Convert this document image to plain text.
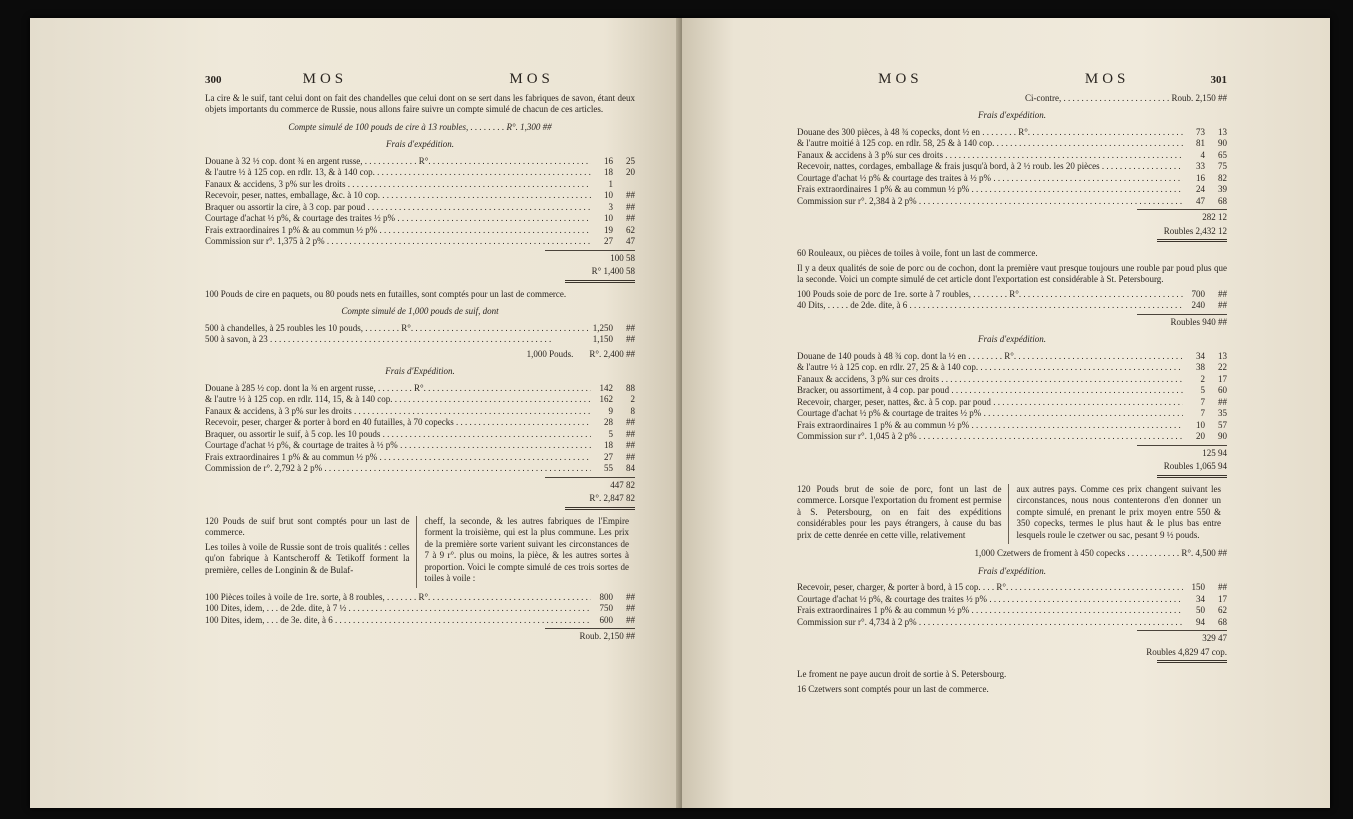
300	MOS	MOS

La cire & le suif, tant celui dont on fait des chandelles que celui dont on se sert dans les fabriques de savon, étant deux objets importants du commerce de Russie, nous allons faire suivre un compte simulé de chacun de ces articles.

Compte simulé de 100 pouds de cire à 13 roubles, . . . . . . . . R°. 1,300 ##
Frais d'expédition.
Douane à 32 ½ cop. dont ¾ en argent russe, . . . . . . . . . . . . R°. . . .	16	25
& l'autre ½ à 125 cop. en rdlr. 13, & à 140 cop. . . .	18	20
Fanaux & accidens, 3 p% sur les droits . . .	1
Recevoir, peser, nattes, emballage, &c. à 10 cop. . . .	10	##
Braquer ou assortir la cire, à 3 cop. par poud . . .	3	##
Courtage d'achat ½ p%, & courtage des traites ½ p% . . .	10	##
Frais extraordinaires 1 p% & au commun ½ p% . . .	19	62
Commission sur r°. 1,375 à 2 p% . . .	27	47
100 58
R° 1,400 58

100 Pouds de cire en paquets, ou 80 pouds nets en futailles, sont comptés pour un last de commerce.

Compte simulé de 1,000 pouds de suif, dont
500 à chandelles, à 25 roubles les 10 pouds, . . . . . . . . R°. . . .	1,250	##
500 à savon, à 23 . . .	1,150	##
1,000 Pouds. R°. 2,400 ##
Frais d'Expédition.
Douane à 285 ½ cop. dont la ¾ en argent russe, . . . . . . . . R°. . . .	142	88
& l'autre ½ à 125 cop. en rdlr. 114, 15, & à 140 cop. . . .	162	2
Fanaux & accidens, à 3 p% sur les droits . . .	9	8
Recevoir, peser, charger & porter à bord en 40 futailles, à 70 copecks . . .	28	##
Braquer, ou assortir le suif, à 5 cop. les 10 pouds . . .	5	##
Courtage d'achat ½ p%, & courtage de traites à ½ p% . . .	18	##
Frais extraordinaires 1 p% & au commun ½ p% . . .	27	##
Commission de r°. 2,792 à 2 p% . . .	55	84
447 82
R°. 2,847 82

120 Pouds de suif brut sont comptés pour un last de commerce.

Les toiles à voile de Russie sont de trois qualités : celles qu'on fabrique à Kantscheroff & Tetikoff forment la première, celles de Longinin & de Bulaf-

cheff, la seconde, & les autres fabriques de l'Empire forment la troisième, qui est la plus commune. Les prix de la première sorte varient suivant les circonstances de 7 à 9 r°. plus ou moins, la pièce, & les autres sortes à proportion. Voici le compte simulé de ces trois sortes de toiles à voile :

100 Pièces toiles à voile de 1re. sorte, à 8 roubles, . . . . . . . R°. . . .	800	##
100 Dites, idem, . . . de 2de. dite, à 7 ½ . . .	750	##
100 Dites, idem, . . . de 3e. dite, à 6 . . .	600	##
Roub. 2,150 ##
MOS	MOS	301
Ci-contre, . . . . . . . . . . . . . . . . . . . . . . . . Roub. 2,150 ##
Frais d'expédition.
Douane des 300 pièces, à 48 ¾ copecks, dont ½ en . . . . . . . . R°. . . .	73	13
& l'autre moitié à 125 cop. en rdlr. 58, 25 & à 140 cop. . . .	81	90
Fanaux & accidens à 3 p% sur ces droits . . .	4	65
Recevoir, nattes, cordages, emballage & frais jusqu'à bord, à 2 ½ roub. les 20 pièces . . .	33	75
Courtage d'achat ½ p% & courtage des traites à ½ p% . . .	16	82
Frais extraordinaires 1 p% & au commun ½ p% . . .	24	39
Commission sur r°. 2,384 à 2 p% . . .	47	68
282 12
Roubles 2,432 12

60 Rouleaux, ou pièces de toiles à voile, font un last de commerce.

Il y a deux qualités de soie de porc ou de cochon, dont la première vaut presque toujours une rouble par poud plus que la seconde. Voici un compte simulé de cet article dont l'exportation est considérable à St. Petersbourg.

100 Pouds soie de porc de 1re. sorte à 7 roubles, . . . . . . . . R°. . . .	700	##
40 Dits, . . . . . de 2de. dite, à 6 . . .	240	##
Roubles 940 ##
Frais d'expédition.
Douane de 140 pouds à 48 ¾ cop. dont la ½ en . . . . . . . . R°. . . .	34	13
& l'autre ½ à 125 cop. en rdlr. 27, 25 & à 140 cop. . . .	38	22
Fanaux & accidens, 3 p% sur ces droits . . .	2	17
Bracker, ou assortiment, à 4 cop. par poud . . .	5	60
Recevoir, charger, peser, nattes, &c. à 5 cop. par poud . . .	7	##
Courtage d'achat ½ p% & courtage de traites ½ p% . . .	7	35
Frais extraordinaires 1 p% & au commun ½ p% . . .	10	57
Commission sur r°. 1,045 à 2 p% . . .	20	90
125 94
Roubles 1,065 94

120 Pouds brut de soie de porc, font un last de commerce. Lorsque l'exportation du froment est permise à S. Petersbourg, on en fait des expéditions considérables pour les pays étrangers, à cause du bas prix de cette denrée en cette ville, relativement

aux autres pays. Comme ces prix changent suivant les circonstances, nous nous contenterons d'en donner un compte simulé, en prenant le prix moyen entre 550 & 350 copecks, termes le plus haut & le plus bas entre lesquels roule le czetwer ou sac, pesant 9 ½ pouds.

1,000 Czetwers de froment à 450 copecks . . . . . . . . . . . . R°. 4,500 ##
Frais d'expédition.
Recevoir, peser, charger, & porter à bord, à 15 cop. . . . R°. . . .	150	##
Courtage d'achat ½ p%, & courtage des traites ½ p% . . .	34	17
Frais extraordinaires 1 p% & au commun ½ p% . . .	50	62
Commission sur r°. 4,734 à 2 p% . . .	94	68
329 47
Roubles 4,829 47 cop.

Le froment ne paye aucun droit de sortie à S. Petersbourg.

16 Czetwers sont comptés pour un last de commerce.
